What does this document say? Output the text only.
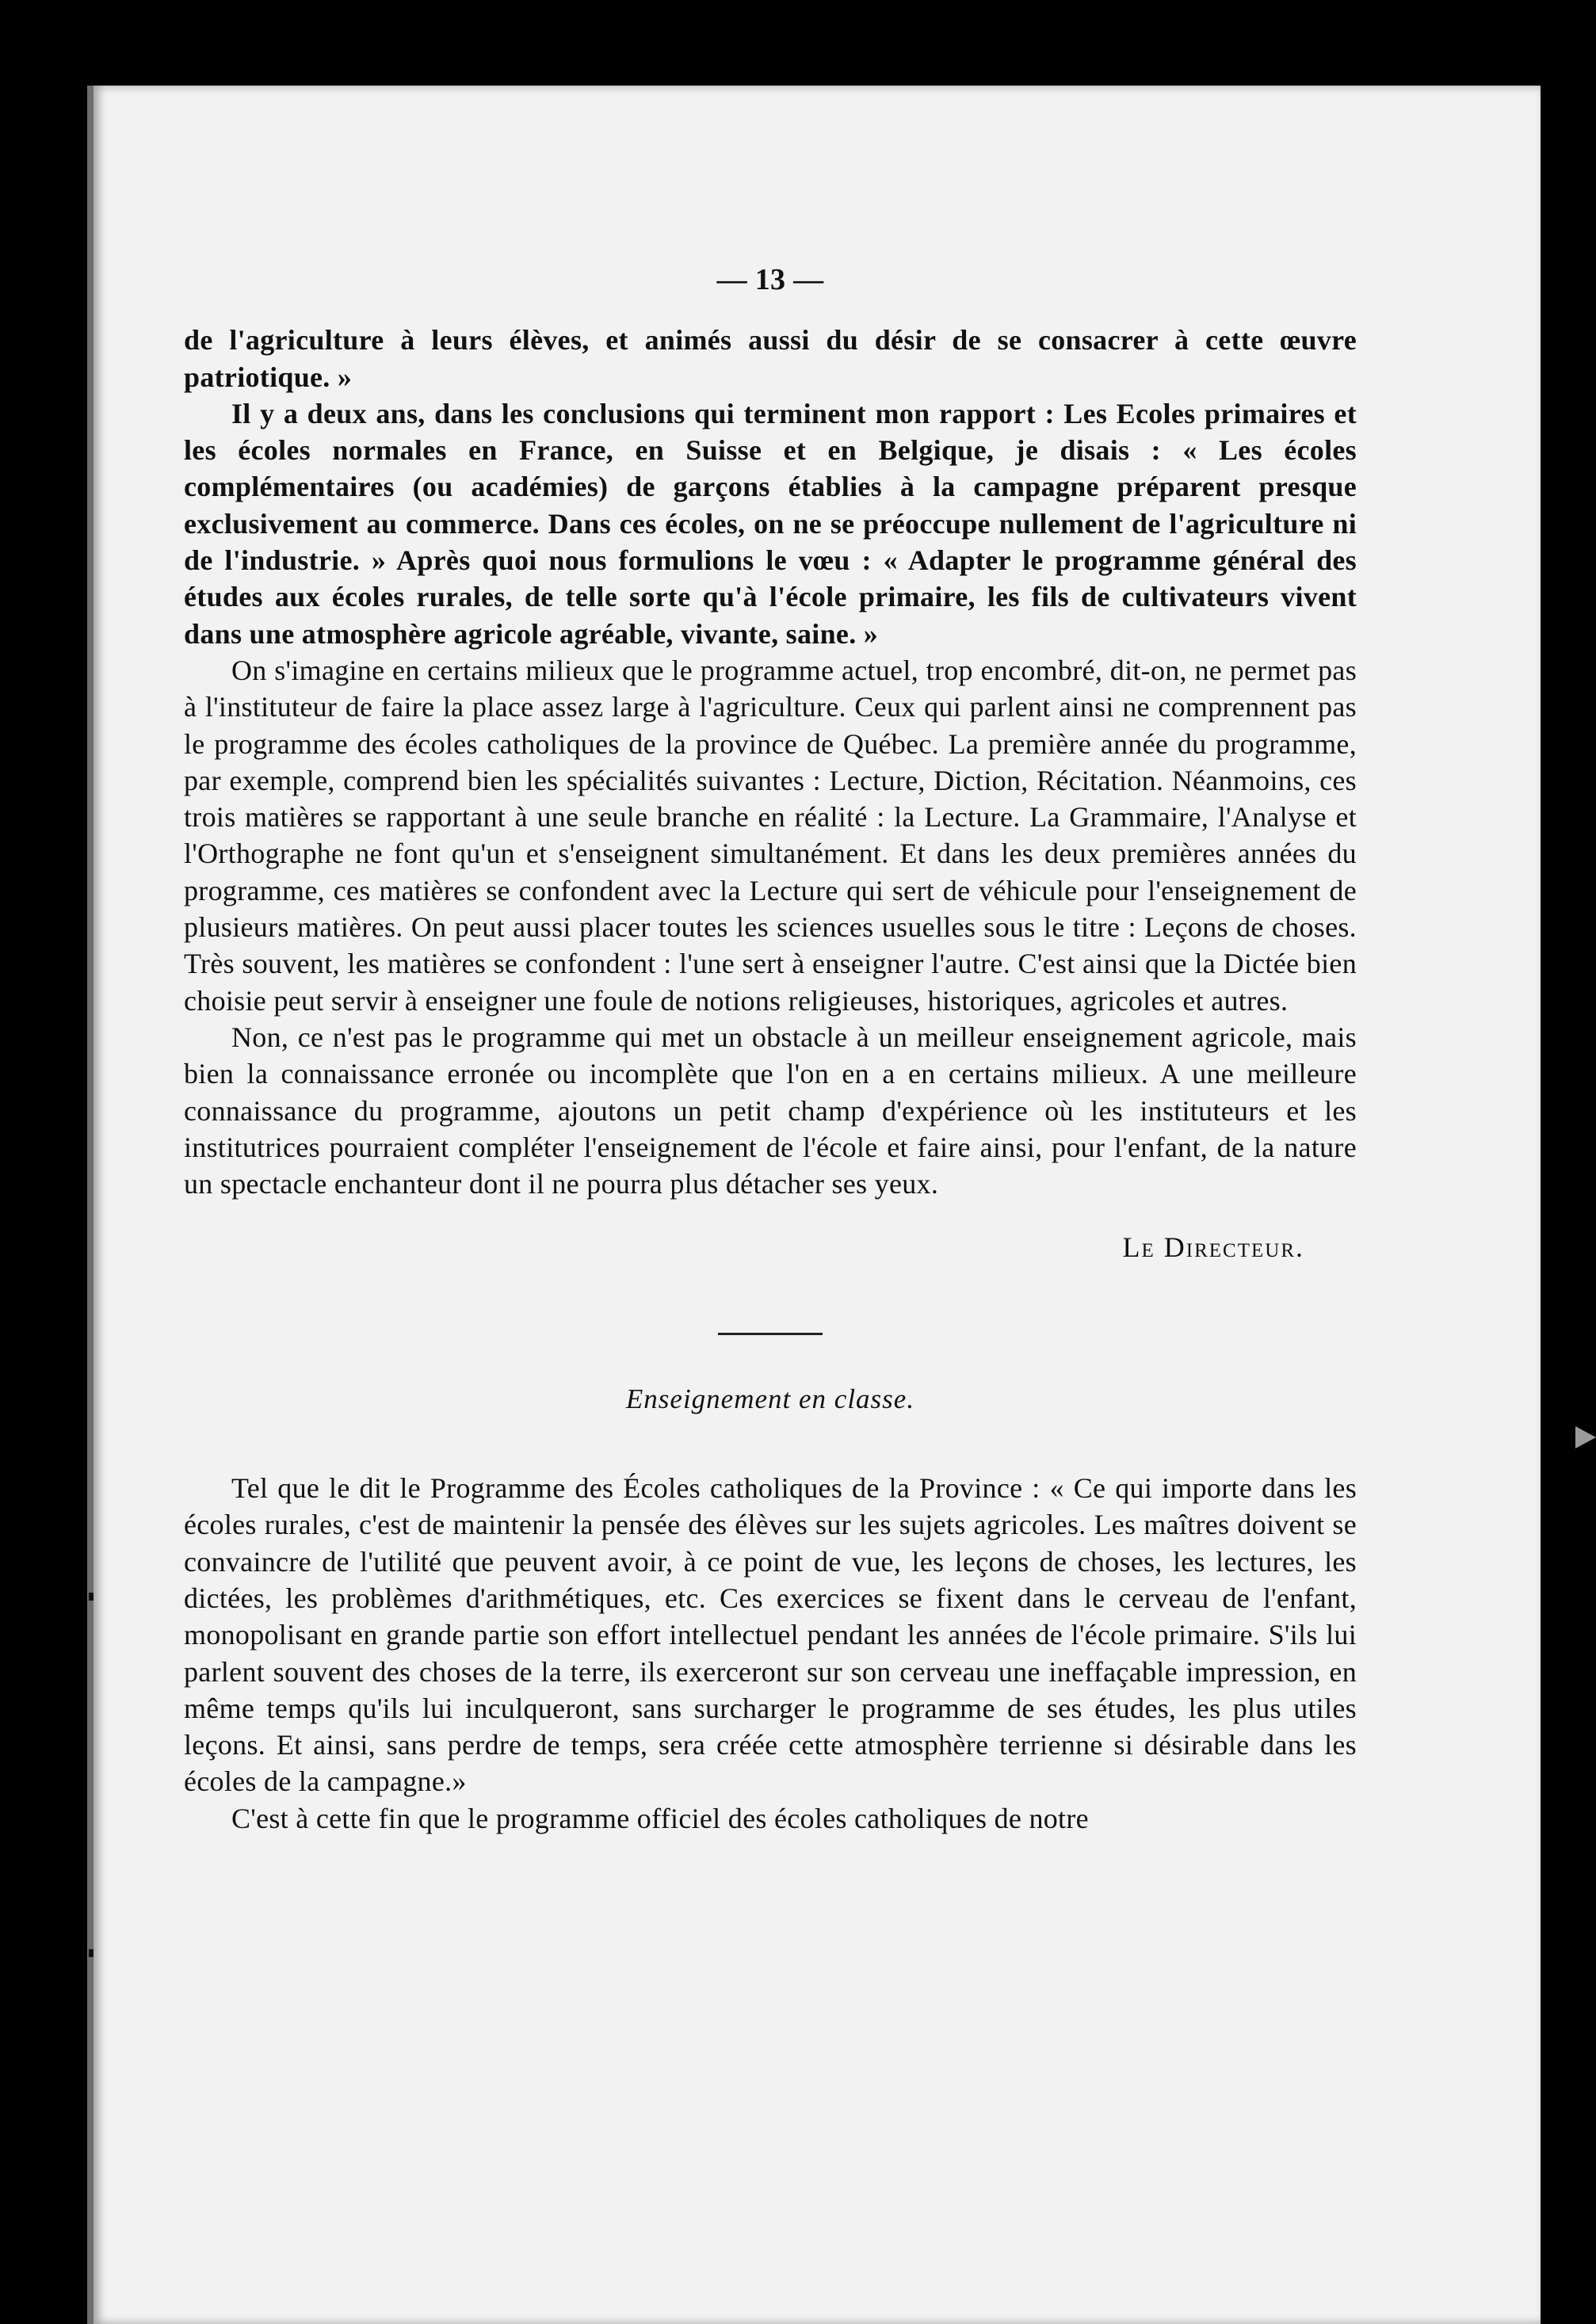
— 13 —

de l'agriculture à leurs élèves, et animés aussi du désir de se consacrer à cette œuvre patriotique. »

Il y a deux ans, dans les conclusions qui terminent mon rapport : Les Ecoles primaires et les écoles normales en France, en Suisse et en Belgique, je disais : « Les écoles complémentaires (ou académies) de garçons établies à la campagne préparent presque exclusivement au commerce. Dans ces écoles, on ne se préoccupe nullement de l'agriculture ni de l'industrie. » Après quoi nous formulions le vœu : « Adapter le programme général des études aux écoles rurales, de telle sorte qu'à l'école primaire, les fils de cultivateurs vivent dans une atmosphère agricole agréable, vivante, saine. »

On s'imagine en certains milieux que le programme actuel, trop encombré, dit-on, ne permet pas à l'instituteur de faire la place assez large à l'agriculture. Ceux qui parlent ainsi ne comprennent pas le programme des écoles catholiques de la province de Québec. La première année du programme, par exemple, comprend bien les spécialités suivantes : Lecture, Diction, Récitation. Néanmoins, ces trois matières se rapportant à une seule branche en réalité : la Lecture. La Grammaire, l'Analyse et l'Orthographe ne font qu'un et s'enseignent simultanément. Et dans les deux premières années du programme, ces matières se confondent avec la Lecture qui sert de véhicule pour l'enseignement de plusieurs matières. On peut aussi placer toutes les sciences usuelles sous le titre : Leçons de choses. Très souvent, les matières se confondent : l'une sert à enseigner l'autre. C'est ainsi que la Dictée bien choisie peut servir à enseigner une foule de notions religieuses, historiques, agricoles et autres.

Non, ce n'est pas le programme qui met un obstacle à un meilleur enseignement agricole, mais bien la connaissance erronée ou incomplète que l'on en a en certains milieux. A une meilleure connaissance du programme, ajoutons un petit champ d'expérience où les instituteurs et les institutrices pourraient compléter l'enseignement de l'école et faire ainsi, pour l'enfant, de la nature un spectacle enchanteur dont il ne pourra plus détacher ses yeux.

Le Directeur.
Enseignement en classe.

Tel que le dit le Programme des Écoles catholiques de la Province : « Ce qui importe dans les écoles rurales, c'est de maintenir la pensée des élèves sur les sujets agricoles. Les maîtres doivent se convaincre de l'utilité que peuvent avoir, à ce point de vue, les leçons de choses, les lectures, les dictées, les problèmes d'arithmétiques, etc. Ces exercices se fixent dans le cerveau de l'enfant, monopolisant en grande partie son effort intellectuel pendant les années de l'école primaire. S'ils lui parlent souvent des choses de la terre, ils exerceront sur son cerveau une ineffaçable impression, en même temps qu'ils lui inculqueront, sans surcharger le programme de ses études, les plus utiles leçons. Et ainsi, sans perdre de temps, sera créée cette atmosphère terrienne si désirable dans les écoles de la campagne.»

C'est à cette fin que le programme officiel des écoles catholiques de notre
